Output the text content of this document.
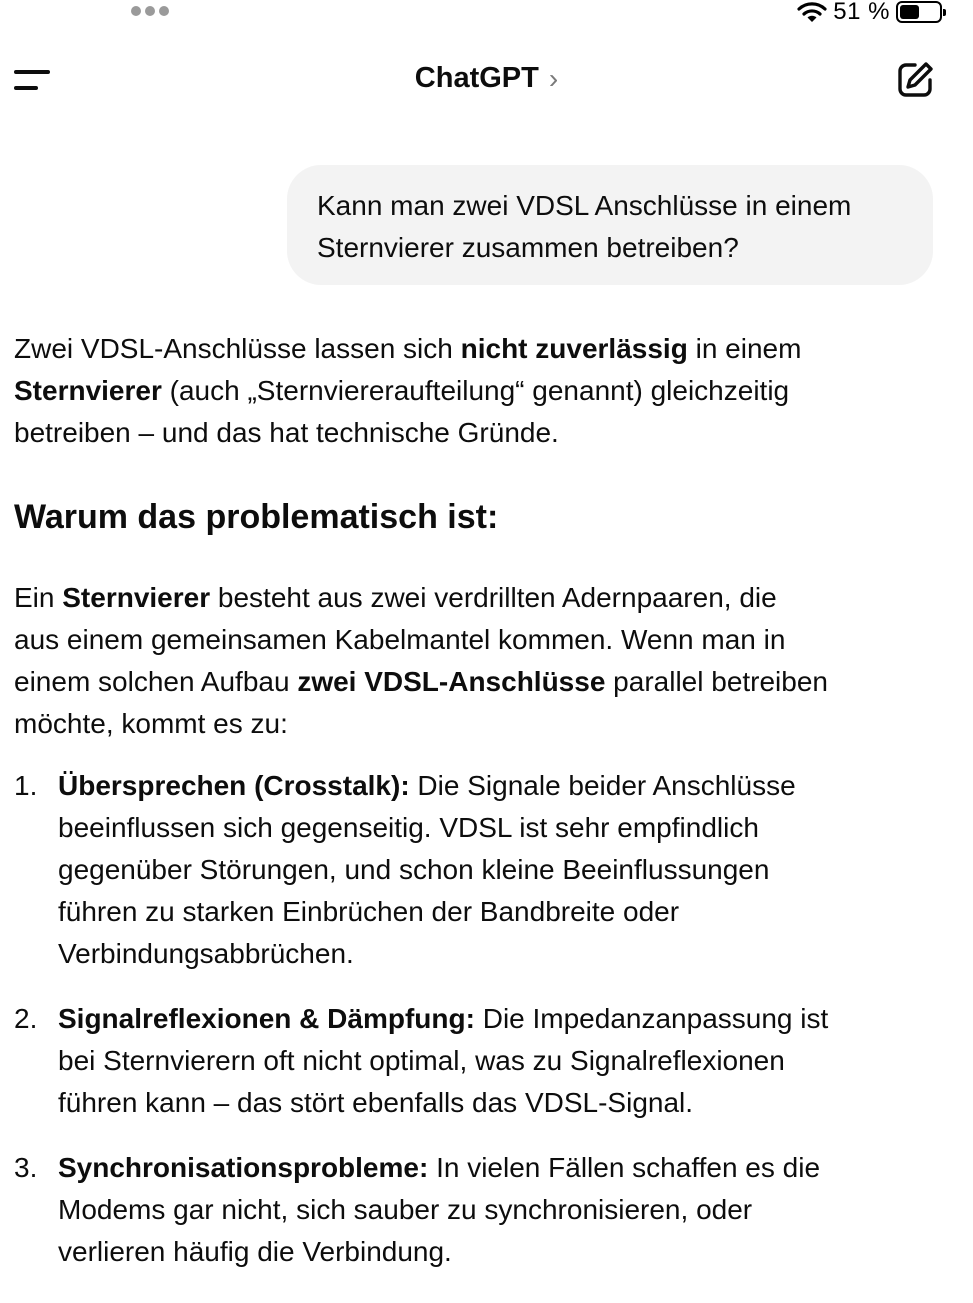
51 %
ChatGPT ›
Kann man zwei VDSL Anschlüsse in einem
Sternvierer zusammen betreiben?
Zwei VDSL-Anschlüsse lassen sich nicht zuverlässig in einem
Sternvierer (auch „Sternviereraufteilung“ genannt) gleichzeitig
betreiben – und das hat technische Gründe.
Warum das problematisch ist:
Ein Sternvierer besteht aus zwei verdrillten Adernpaaren, die
aus einem gemeinsamen Kabelmantel kommen. Wenn man in
einem solchen Aufbau zwei VDSL-Anschlüsse parallel betreiben
möchte, kommt es zu:
1. Übersprechen (Crosstalk): Die Signale beider Anschlüsse
beeinflussen sich gegenseitig. VDSL ist sehr empfindlich
gegenüber Störungen, und schon kleine Beeinflussungen
führen zu starken Einbrüchen der Bandbreite oder
Verbindungsabbrüchen.
2. Signalreflexionen & Dämpfung: Die Impedanzanpassung ist
bei Sternvierern oft nicht optimal, was zu Signalreflexionen
führen kann – das stört ebenfalls das VDSL-Signal.
3. Synchronisationsprobleme: In vielen Fällen schaffen es die
Modems gar nicht, sich sauber zu synchronisieren, oder
verlieren häufig die Verbindung.
